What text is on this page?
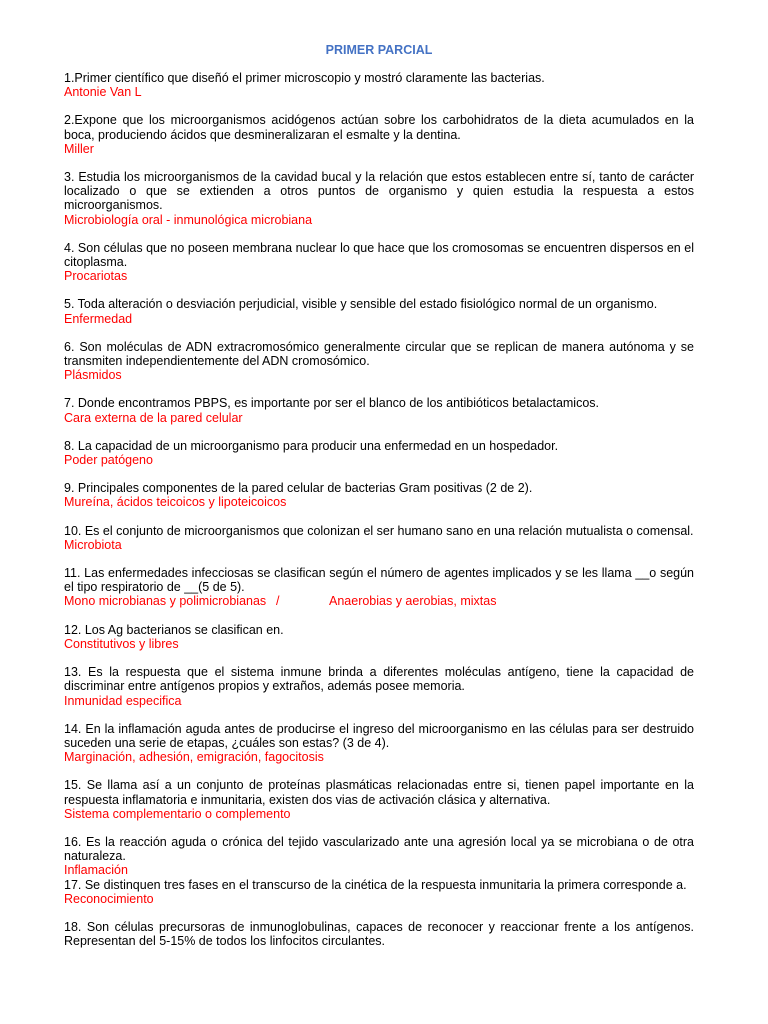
PRIMER PARCIAL
1.Primer científico que diseñó el primer microscopio y mostró claramente las bacterias.
Antonie Van L
2.Expone que los microorganismos acidógenos actúan sobre los carbohidratos de la dieta acumulados en la boca, produciendo ácidos que desmineralizaran el esmalte y la dentina.
Miller
3. Estudia los microorganismos de la cavidad bucal y la relación que estos establecen entre sí, tanto de carácter localizado o que se extienden a otros puntos de organismo y quien estudia la respuesta a estos microorganismos.
Microbiología oral - inmunológica microbiana
4. Son células que no poseen membrana nuclear lo que hace que los cromosomas se encuentren dispersos en el citoplasma.
Procariotas
5. Toda alteración o desviación perjudicial, visible y sensible del estado fisiológico normal de un organismo.
Enfermedad
6. Son moléculas de ADN extracromosómico generalmente circular que se replican de manera autónoma y se transmiten independientemente del ADN cromosómico.
Plásmidos
7. Donde encontramos PBPS, es importante por ser el blanco de los antibióticos betalactamicos.
Cara externa de la pared celular
8. La capacidad de un microorganismo para producir una enfermedad en un hospedador.
Poder patógeno
9. Principales componentes de la pared celular de bacterias Gram positivas (2 de 2).
Mureína, ácidos teicoicos y lipoteicoicos
10. Es el conjunto de microorganismos que colonizan el ser humano sano en una relación mutualista o comensal.
Microbiota
11. Las enfermedades infecciosas se clasifican según el número de agentes implicados y se les llama __o según el tipo respiratorio de __(5 de 5).
Mono microbianas y polimicrobianas /	Anaerobias y aerobias, mixtas
12. Los Ag bacterianos se clasifican en.
Constitutivos y libres
13. Es la respuesta que el sistema inmune brinda a diferentes moléculas antígeno, tiene la capacidad de discriminar entre antígenos propios y extraños, además posee memoria.
Inmunidad especifica
14. En la inflamación aguda antes de producirse el ingreso del microorganismo en las células para ser destruido suceden una serie de etapas, ¿cuáles son estas? (3 de 4).
Marginación, adhesión, emigración, fagocitosis
15. Se llama así a un conjunto de proteínas plasmáticas relacionadas entre si, tienen papel importante en la respuesta inflamatoria e inmunitaria, existen dos vias de activación clásica y alternativa.
Sistema complementario o complemento
16. Es la reacción aguda o crónica del tejido vascularizado ante una agresión local ya se microbiana o de otra naturaleza.
Inflamación
17. Se distinquen tres fases en el transcurso de la cinética de la respuesta inmunitaria la primera corresponde a.
Reconocimiento
18. Son células precursoras de inmunoglobulinas, capaces de reconocer y reaccionar frente a los antígenos. Representan del 5-15% de todos los linfocitos circulantes.
